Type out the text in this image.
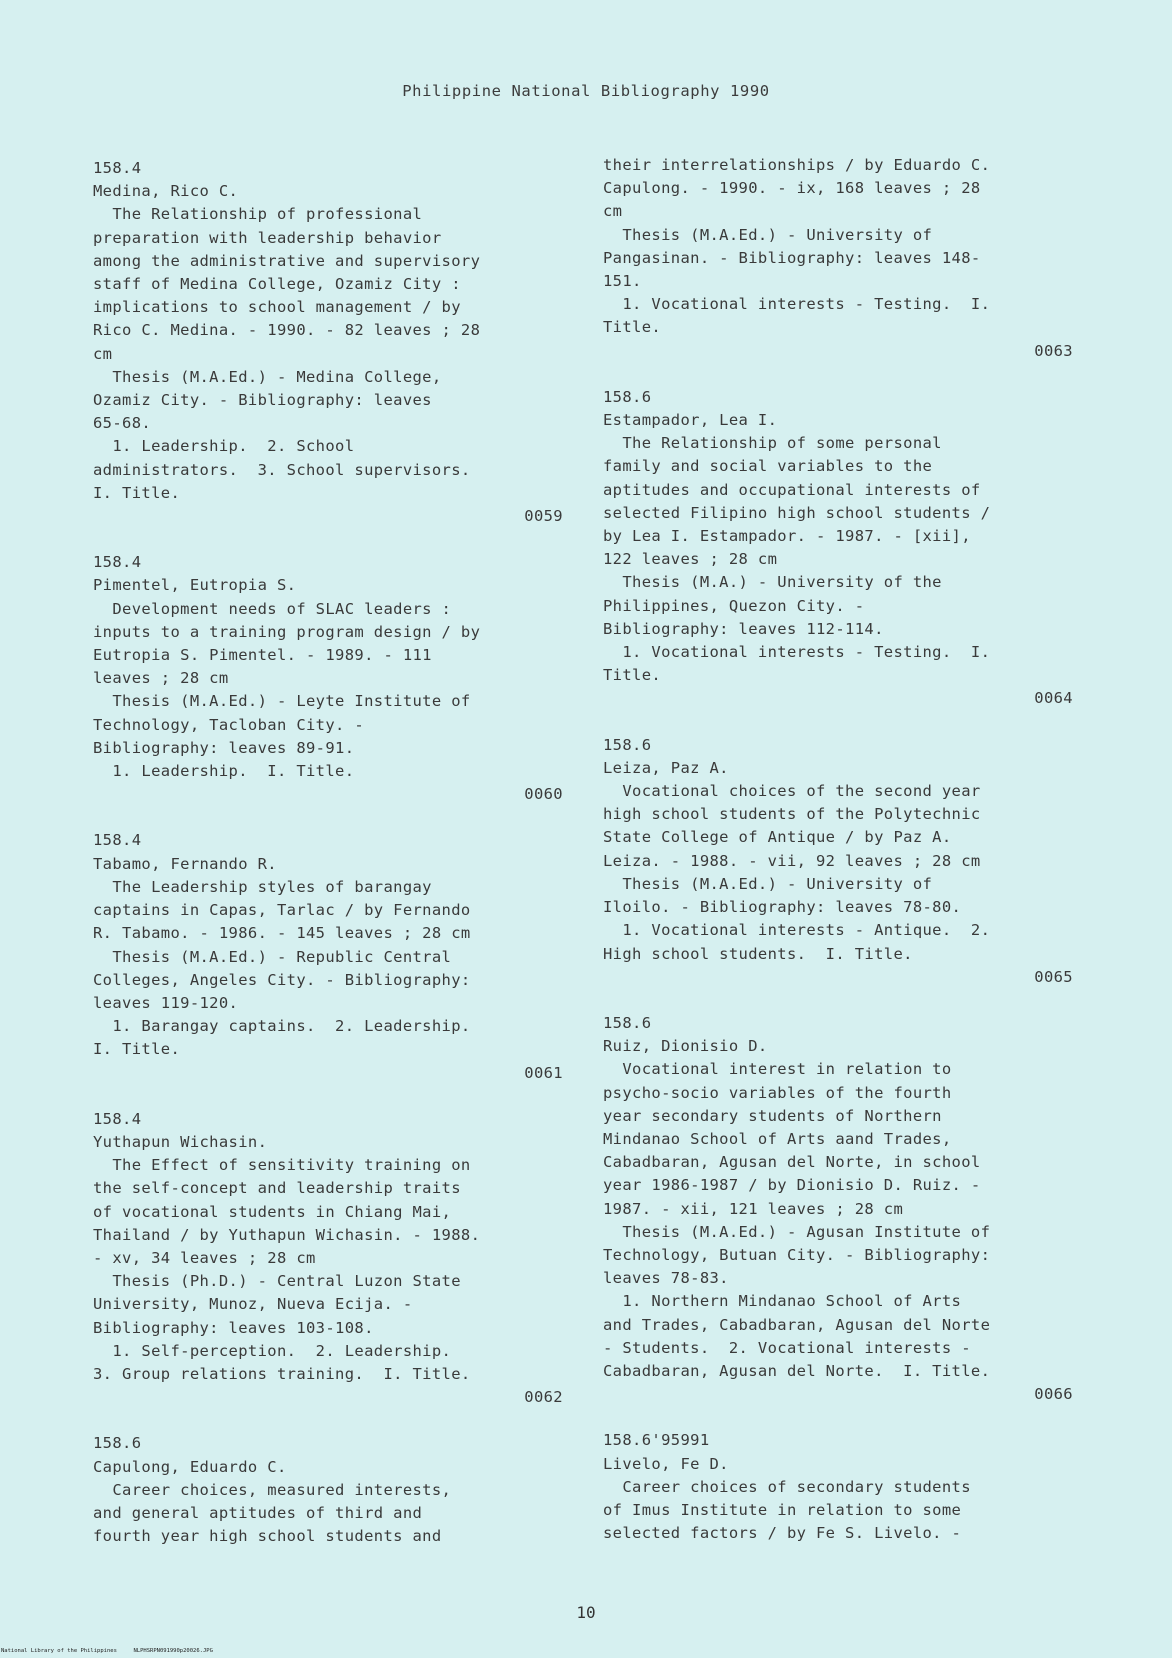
Philippine National Bibliography 1990
158.4
Medina, Rico C.
The Relationship of professional
preparation with leadership behavior
among the administrative and supervisory
staff of Medina College, Ozamiz City :
implications to school management / by
Rico C. Medina. - 1990. - 82 leaves ; 28
cm
Thesis (M.A.Ed.) - Medina College,
Ozamiz City. - Bibliography: leaves
65-68.
1. Leadership.  2. School
administrators.  3. School supervisors.
I. Title.
0059
158.4
Pimentel, Eutropia S.
Development needs of SLAC leaders :
inputs to a training program design / by
Eutropia S. Pimentel. - 1989. - 111
leaves ; 28 cm
Thesis (M.A.Ed.) - Leyte Institute of
Technology, Tacloban City. -
Bibliography: leaves 89-91.
1. Leadership.  I. Title.
0060
158.4
Tabamo, Fernando R.
The Leadership styles of barangay
captains in Capas, Tarlac / by Fernando
R. Tabamo. - 1986. - 145 leaves ; 28 cm
Thesis (M.A.Ed.) - Republic Central
Colleges, Angeles City. - Bibliography:
leaves 119-120.
1. Barangay captains.  2. Leadership.
I. Title.
0061
158.4
Yuthapun Wichasin.
The Effect of sensitivity training on
the self-concept and leadership traits
of vocational students in Chiang Mai,
Thailand / by Yuthapun Wichasin. - 1988.
- xv, 34 leaves ; 28 cm
Thesis (Ph.D.) - Central Luzon State
University, Munoz, Nueva Ecija. -
Bibliography: leaves 103-108.
1. Self-perception.  2. Leadership.
3. Group relations training.  I. Title.
0062
158.6
Capulong, Eduardo C.
Career choices, measured interests,
and general aptitudes of third and
fourth year high school students and
their interrelationships / by Eduardo C.
Capulong. - 1990. - ix, 168 leaves ; 28
cm
Thesis (M.A.Ed.) - University of
Pangasinan. - Bibliography: leaves 148-
151.
1. Vocational interests - Testing.  I.
Title.
0063
158.6
Estampador, Lea I.
The Relationship of some personal
family and social variables to the
aptitudes and occupational interests of
selected Filipino high school students /
by Lea I. Estampador. - 1987. - [xii],
122 leaves ; 28 cm
Thesis (M.A.) - University of the
Philippines, Quezon City. -
Bibliography: leaves 112-114.
1. Vocational interests - Testing.  I.
Title.
0064
158.6
Leiza, Paz A.
Vocational choices of the second year
high school students of the Polytechnic
State College of Antique / by Paz A.
Leiza. - 1988. - vii, 92 leaves ; 28 cm
Thesis (M.A.Ed.) - University of
Iloilo. - Bibliography: leaves 78-80.
1. Vocational interests - Antique.  2.
High school students.  I. Title.
0065
158.6
Ruiz, Dionisio D.
Vocational interest in relation to
psycho-socio variables of the fourth
year secondary students of Northern
Mindanao School of Arts aand Trades,
Cabadbaran, Agusan del Norte, in school
year 1986-1987 / by Dionisio D. Ruiz. -
1987. - xii, 121 leaves ; 28 cm
Thesis (M.A.Ed.) - Agusan Institute of
Technology, Butuan City. - Bibliography:
leaves 78-83.
1. Northern Mindanao School of Arts
and Trades, Cabadbaran, Agusan del Norte
- Students.  2. Vocational interests -
Cabadbaran, Agusan del Norte.  I. Title.
0066
158.6'95991
Livelo, Fe D.
Career choices of secondary students
of Imus Institute in relation to some
selected factors / by Fe S. Livelo. -
10
National Library of the Philippines     NLPHSRPN091990p20026.JPG
